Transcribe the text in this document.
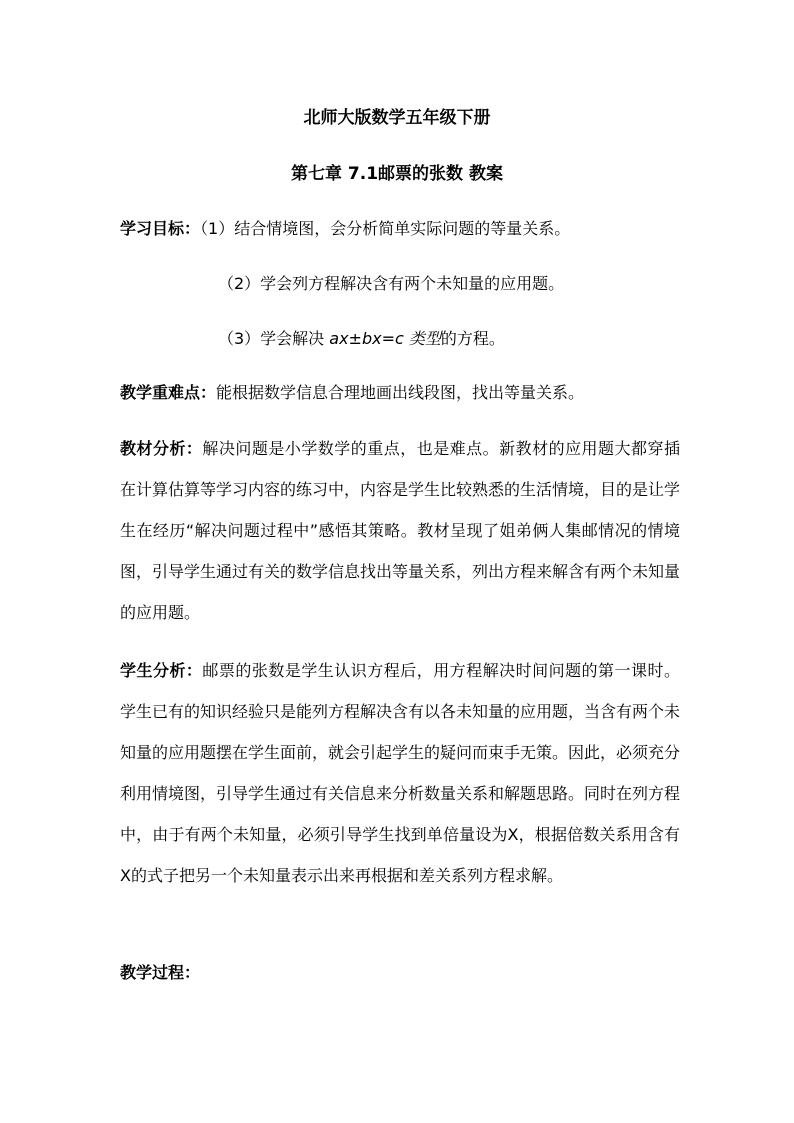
北师大版数学五年级下册
第七章 7.1邮票的张数 教案
学习目标：（1）结合情境图，会分析简单实际问题的等量关系。
（2）学会列方程解决含有两个未知量的应用题。
（3）学会解决 ax±bx=c 类型的方程。
教学重难点：能根据数学信息合理地画出线段图，找出等量关系。

教材分析：解决问题是小学数学的重点，也是难点。新教材的应用题大都穿插在计算估算等学习内容的练习中，内容是学生比较熟悉的生活情境，目的是让学生在经历“解决问题过程中”感悟其策略。教材呈现了姐弟俩人集邮情况的情境图，引导学生通过有关的数学信息找出等量关系，列出方程来解含有两个未知量的应用题。

学生分析：邮票的张数是学生认识方程后，用方程解决时间问题的第一课时。学生已有的知识经验只是能列方程解决含有以各未知量的应用题，当含有两个未知量的应用题摆在学生面前，就会引起学生的疑问而束手无策。因此，必须充分利用情境图，引导学生通过有关信息来分析数量关系和解题思路。同时在列方程中，由于有两个未知量，必须引导学生找到单倍量设为X，根据倍数关系用含有X的式子把另一个未知量表示出来再根据和差关系列方程求解。

教学过程：
